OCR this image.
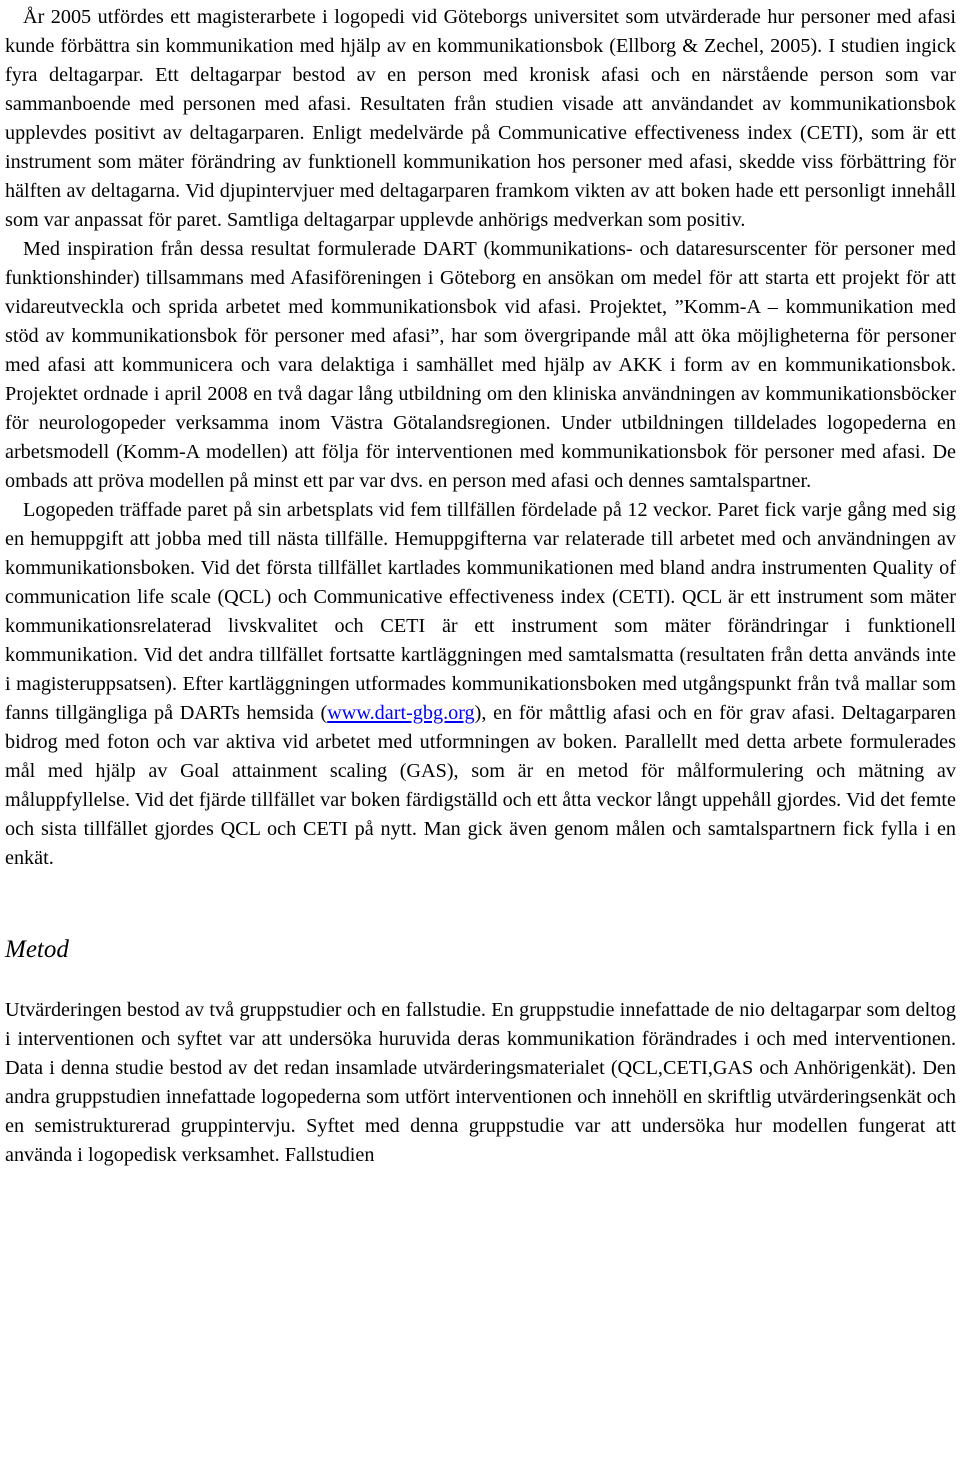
År 2005 utfördes ett magisterarbete i logopedi vid Göteborgs universitet som utvärderade hur personer med afasi kunde förbättra sin kommunikation med hjälp av en kommunikationsbok (Ellborg & Zechel, 2005). I studien ingick fyra deltagarpar. Ett deltagarpar bestod av en person med kronisk afasi och en närstående person som var sammanboende med personen med afasi. Resultaten från studien visade att användandet av kommunikationsbok upplevdes positivt av deltagarparen. Enligt medelvärde på Communicative effectiveness index (CETI), som är ett instrument som mäter förändring av funktionell kommunikation hos personer med afasi, skedde viss förbättring för hälften av deltagarna. Vid djupintervjuer med deltagarparen framkom vikten av att boken hade ett personligt innehåll som var anpassat för paret. Samtliga deltagarpar upplevde anhörigs medverkan som positiv.

Med inspiration från dessa resultat formulerade DART (kommunikations- och dataresurscenter för personer med funktionshinder) tillsammans med Afasiföreningen i Göteborg en ansökan om medel för att starta ett projekt för att vidareutveckla och sprida arbetet med kommunikationsbok vid afasi. Projektet, ”Komm-A – kommunikation med stöd av kommunikationsbok för personer med afasi”, har som övergripande mål att öka möjligheterna för personer med afasi att kommunicera och vara delaktiga i samhället med hjälp av AKK i form av en kommunikationsbok. Projektet ordnade i april 2008 en två dagar lång utbildning om den kliniska användningen av kommunikationsböcker för neurologopeder verksamma inom Västra Götalandsregionen. Under utbildningen tilldelades logopederna en arbetsmodell (Komm-A modellen) att följa för interventionen med kommunikationsbok för personer med afasi. De ombads att pröva modellen på minst ett par var dvs. en person med afasi och dennes samtalspartner.

Logopeden träffade paret på sin arbetsplats vid fem tillfällen fördelade på 12 veckor. Paret fick varje gång med sig en hemuppgift att jobba med till nästa tillfälle. Hemuppgifterna var relaterade till arbetet med och användningen av kommunikationsboken. Vid det första tillfället kartlades kommunikationen med bland andra instrumenten Quality of communication life scale (QCL) och Communicative effectiveness index (CETI). QCL är ett instrument som mäter kommunikationsrelaterad livskvalitet och CETI är ett instrument som mäter förändringar i funktionell kommunikation. Vid det andra tillfället fortsatte kartläggningen med samtalsmatta (resultaten från detta används inte i magisteruppsatsen). Efter kartläggningen utformades kommunikationsboken med utgångspunkt från två mallar som fanns tillgängliga på DARTs hemsida (www.dart-gbg.org), en för måttlig afasi och en för grav afasi. Deltagarparen bidrog med foton och var aktiva vid arbetet med utformningen av boken. Parallellt med detta arbete formulerades mål med hjälp av Goal attainment scaling (GAS), som är en metod för målformulering och mätning av måluppfyllelse. Vid det fjärde tillfället var boken färdigställd och ett åtta veckor långt uppehåll gjordes. Vid det femte och sista tillfället gjordes QCL och CETI på nytt. Man gick även genom målen och samtalspartnern fick fylla i en enkät.

Metod

Utvärderingen bestod av två gruppstudier och en fallstudie. En gruppstudie innefattade de nio deltagarpar som deltog i interventionen och syftet var att undersöka huruvida deras kommunikation förändrades i och med interventionen. Data i denna studie bestod av det redan insamlade utvärderingsmaterialet (QCL,CETI,GAS och Anhörigenkät). Den andra gruppstudien innefattade logopederna som utfört interventionen och innehöll en skriftlig utvärderingsenkät och en semistrukturerad gruppintervju. Syftet med denna gruppstudie var att undersöka hur modellen fungerat att använda i logopedisk verksamhet. Fallstudien
